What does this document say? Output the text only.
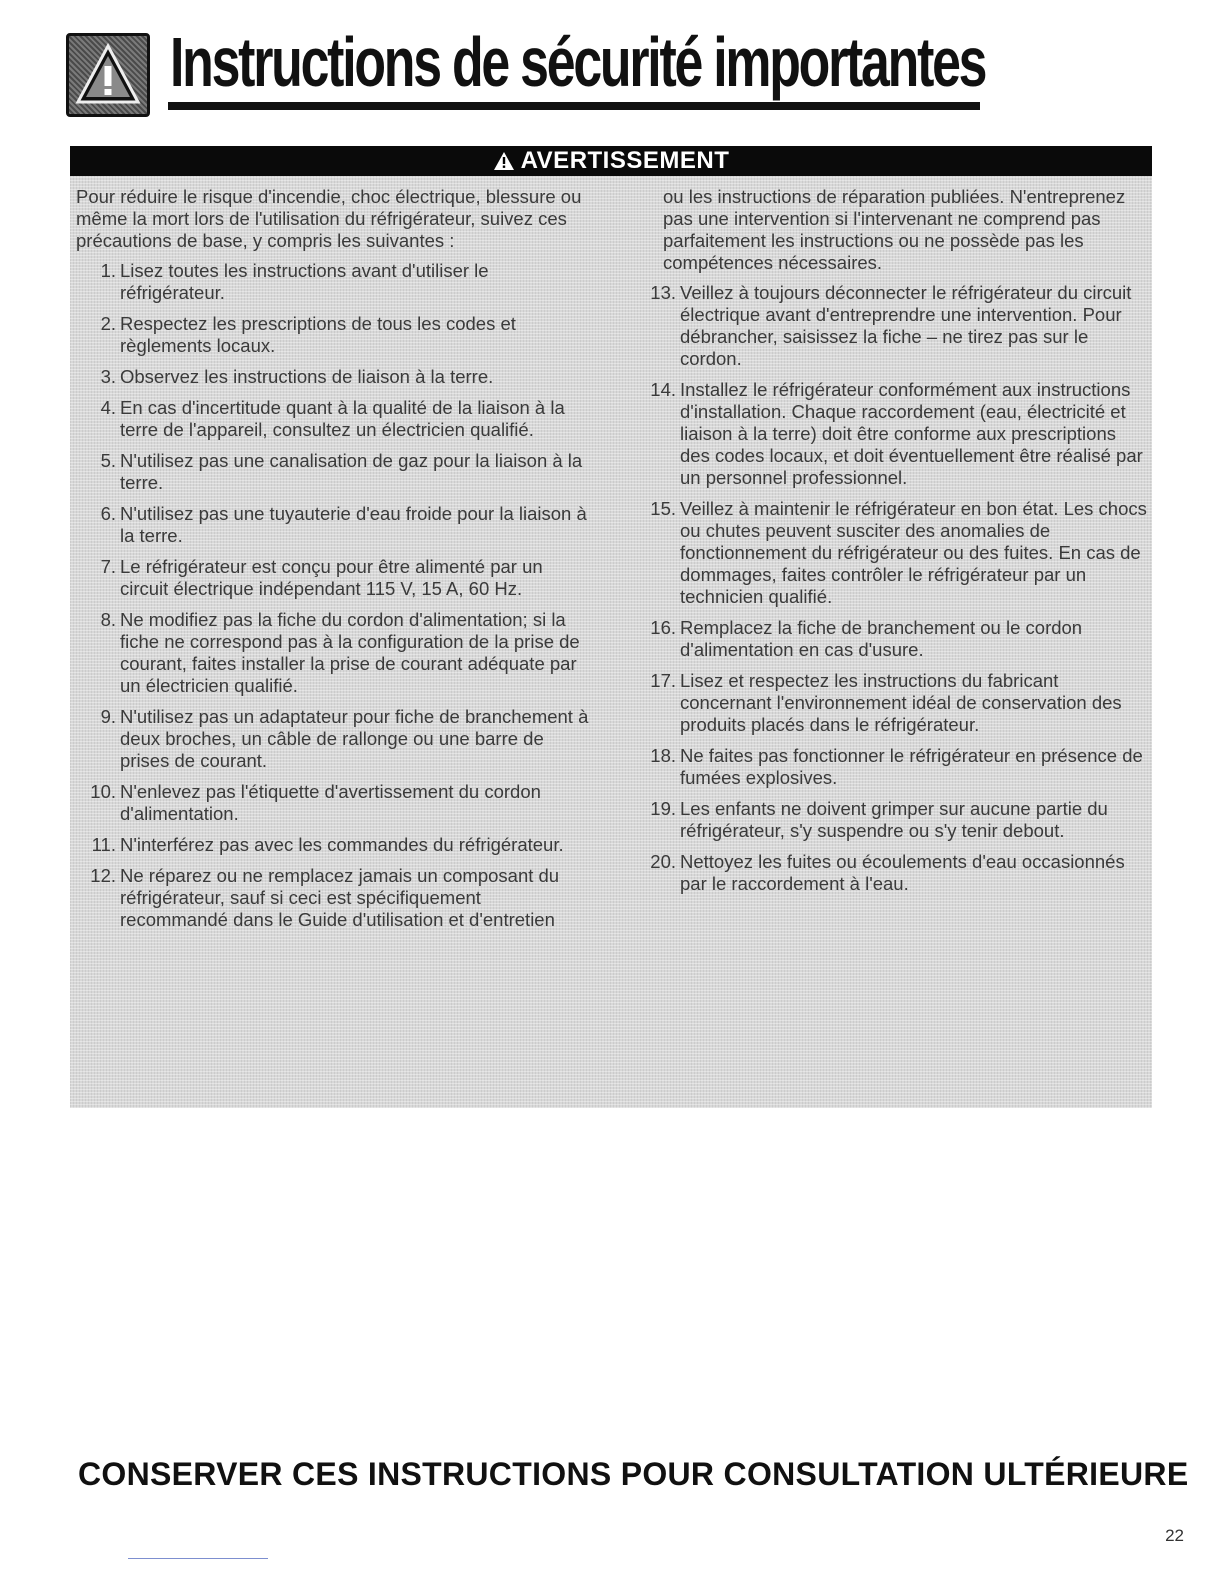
Instructions de sécurité importantes
AVERTISSEMENT

Pour réduire le risque d'incendie, choc électrique, blessure ou même la mort lors de l'utilisation du réfrigérateur, suivez ces précautions de base, y compris les suivantes :

1. Lisez toutes les instructions avant d'utiliser le réfrigérateur.
2. Respectez les prescriptions de tous les codes et règlements locaux.
3. Observez les instructions de liaison à la terre.
4. En cas d'incertitude quant à la qualité de la liaison à la terre de l'appareil, consultez un électricien qualifié.
5. N'utilisez pas une canalisation de gaz pour la liaison à la terre.
6. N'utilisez pas une tuyauterie d'eau froide pour la liaison à la terre.
7. Le réfrigérateur est conçu pour être alimenté par un circuit électrique indépendant 115 V, 15 A, 60 Hz.
8. Ne modifiez pas la fiche du cordon d'alimentation; si la fiche ne correspond pas à la configuration de la prise de courant, faites installer la prise de courant adéquate par un électricien qualifié.
9. N'utilisez pas un adaptateur pour fiche de branchement à deux broches, un câble de rallonge ou une barre de prises de courant.
10. N'enlevez pas l'étiquette d'avertissement du cordon d'alimentation.
11. N'interférez pas avec les commandes du réfrigérateur.
12. Ne réparez ou ne remplacez jamais un composant du réfrigérateur, sauf si ceci est spécifiquement recommandé dans le Guide d'utilisation et d'entretien

ou les instructions de réparation publiées. N'entreprenez pas une intervention si l'intervenant ne comprend pas parfaitement les instructions ou ne possède pas les compétences nécessaires.

13. Veillez à toujours déconnecter le réfrigérateur du circuit électrique avant d'entreprendre une intervention. Pour débrancher, saisissez la fiche – ne tirez pas sur le cordon.
14. Installez le réfrigérateur conformément aux instructions d'installation. Chaque raccordement (eau, électricité et liaison à la terre) doit être conforme aux prescriptions des codes locaux, et doit éventuellement être réalisé par un personnel professionnel.
15. Veillez à maintenir le réfrigérateur en bon état. Les chocs ou chutes peuvent susciter des anomalies de fonctionnement du réfrigérateur ou des fuites. En cas de dommages, faites contrôler le réfrigérateur par un technicien qualifié.
16. Remplacez la fiche de branchement ou le cordon d'alimentation en cas d'usure.
17. Lisez et respectez les instructions du fabricant concernant l'environnement idéal de conservation des produits placés dans le réfrigérateur.
18. Ne faites pas fonctionner le réfrigérateur en présence de fumées explosives.
19. Les enfants ne doivent grimper sur aucune partie du réfrigérateur, s'y suspendre ou s'y tenir debout.
20. Nettoyez les fuites ou écoulements d'eau occasionnés par le raccordement à l'eau.
CONSERVER CES INSTRUCTIONS POUR CONSULTATION ULTÉRIEURE
22
